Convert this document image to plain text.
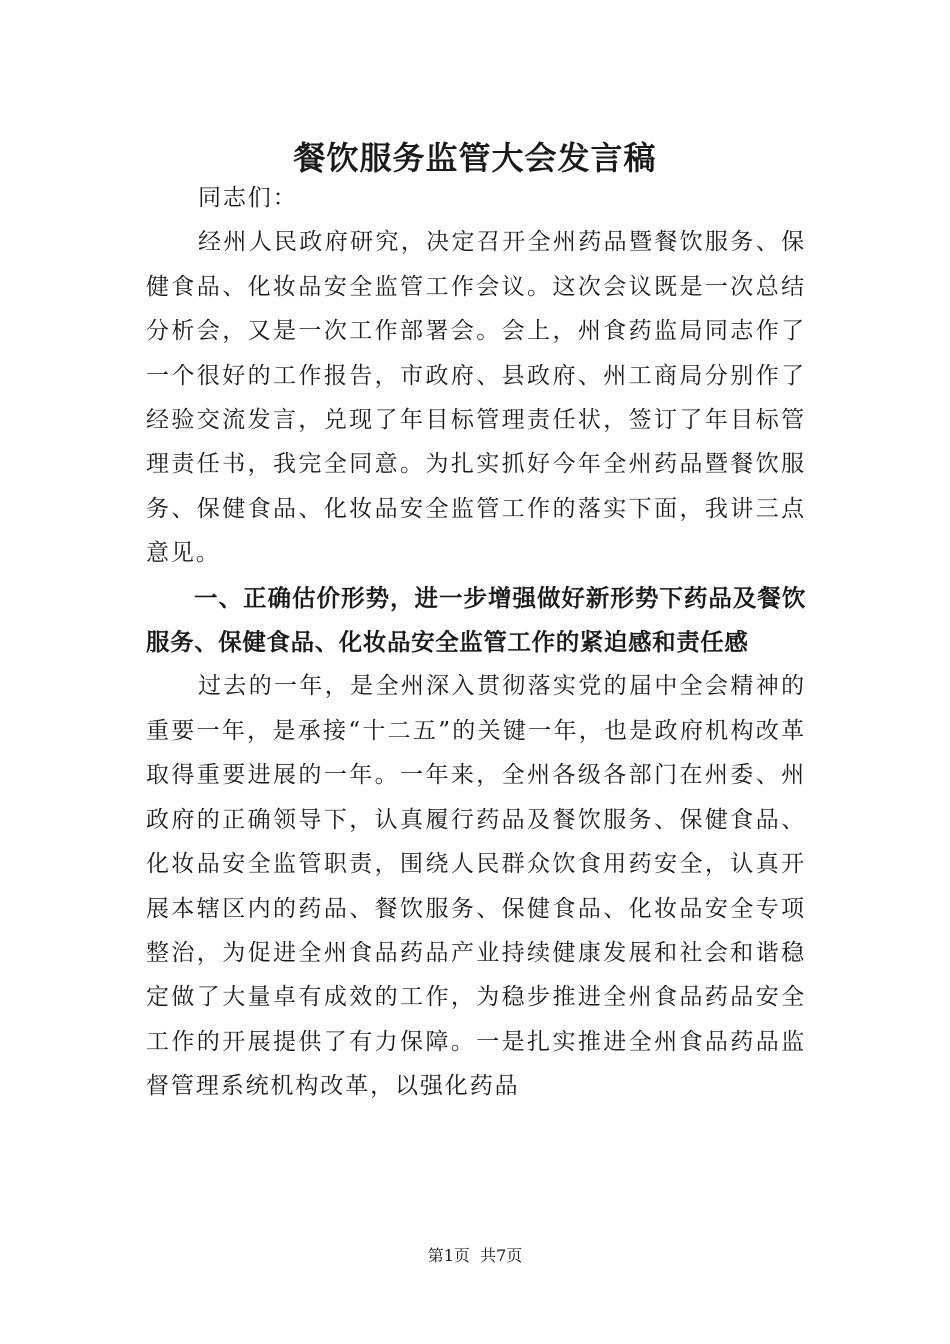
餐饮服务监管大会发言稿

同志们：

经州人民政府研究，决定召开全州药品暨餐饮服务、保健食品、化妆品安全监管工作会议。这次会议既是一次总结分析会，又是一次工作部署会。会上，州食药监局同志作了一个很好的工作报告，市政府、县政府、州工商局分别作了经验交流发言，兑现了年目标管理责任状，签订了年目标管理责任书，我完全同意。为扎实抓好今年全州药品暨餐饮服务、保健食品、化妆品安全监管工作的落实下面，我讲三点意见。

一、正确估价形势，进一步增强做好新形势下药品及餐饮服务、保健食品、化妆品安全监管工作的紧迫感和责任感

过去的一年，是全州深入贯彻落实党的届中全会精神的重要一年，是承接“十二五”的关键一年，也是政府机构改革取得重要进展的一年。一年来，全州各级各部门在州委、州政府的正确领导下，认真履行药品及餐饮服务、保健食品、化妆品安全监管职责，围绕人民群众饮食用药安全，认真开展本辖区内的药品、餐饮服务、保健食品、化妆品安全专项整治，为促进全州食品药品产业持续健康发展和社会和谐稳定做了大量卓有成效的工作，为稳步推进全州食品药品安全工作的开展提供了有力保障。一是扎实推进全州食品药品监督管理系统机构改革，以强化药品

第1页 共7页
